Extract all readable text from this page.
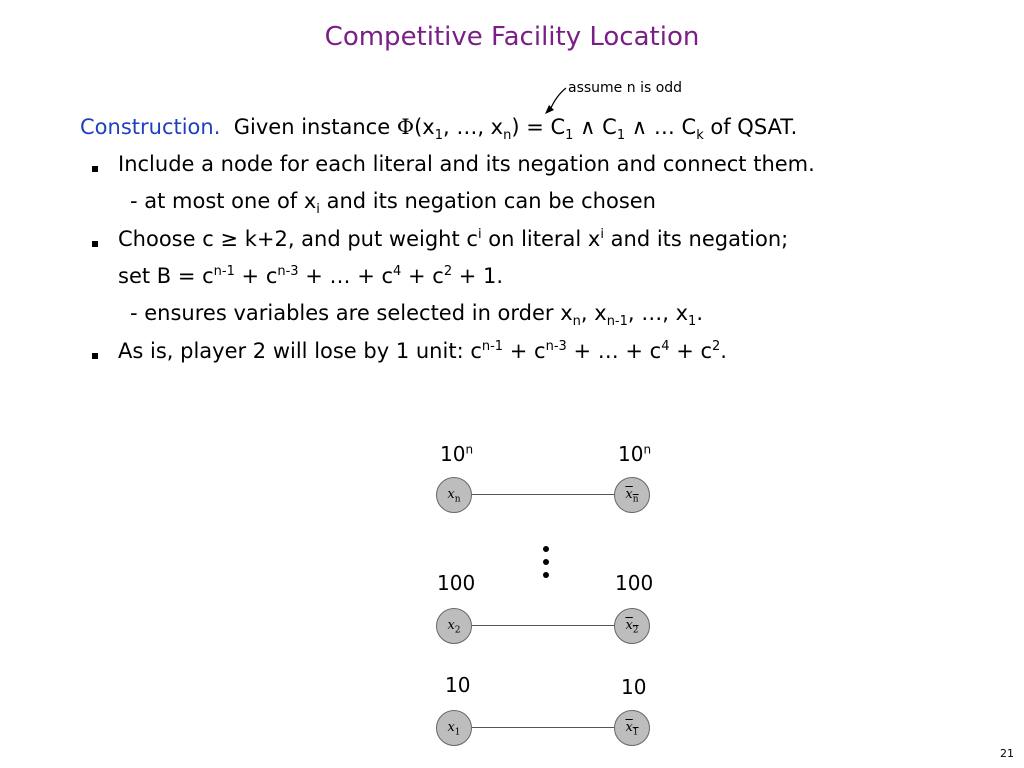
Competitive Facility Location
assume n is odd
Construction. Given instance $\Phi(x_1$, …, $x_n) = C_1$ ∧ $C_1$ ∧ … $C_k$ of QSAT.
Include a node for each literal and its negation and connect them.
- at most one of $x_i$ and its negation can be chosen
Choose c ≥ k+2, and put weight $c^i$ on literal $x^i$ and its negation;
set $B = c^{n-1} + c^{n-3}$ + … + $c^4 + c^2 + 1$.
- ensures variables are selected in order $x_n$, $x_{n-1}$, …, $x_1$.
As is, player 2 will lose by 1 unit: $c^{n-1} + c^{n-3}$ + … + $c^4 + c^2$.
10$^n$	10$^n$
$x_n$	$x_n$
100	100
$x_2$	$x_2$
10	10
$x_1$	$x_1$
21
